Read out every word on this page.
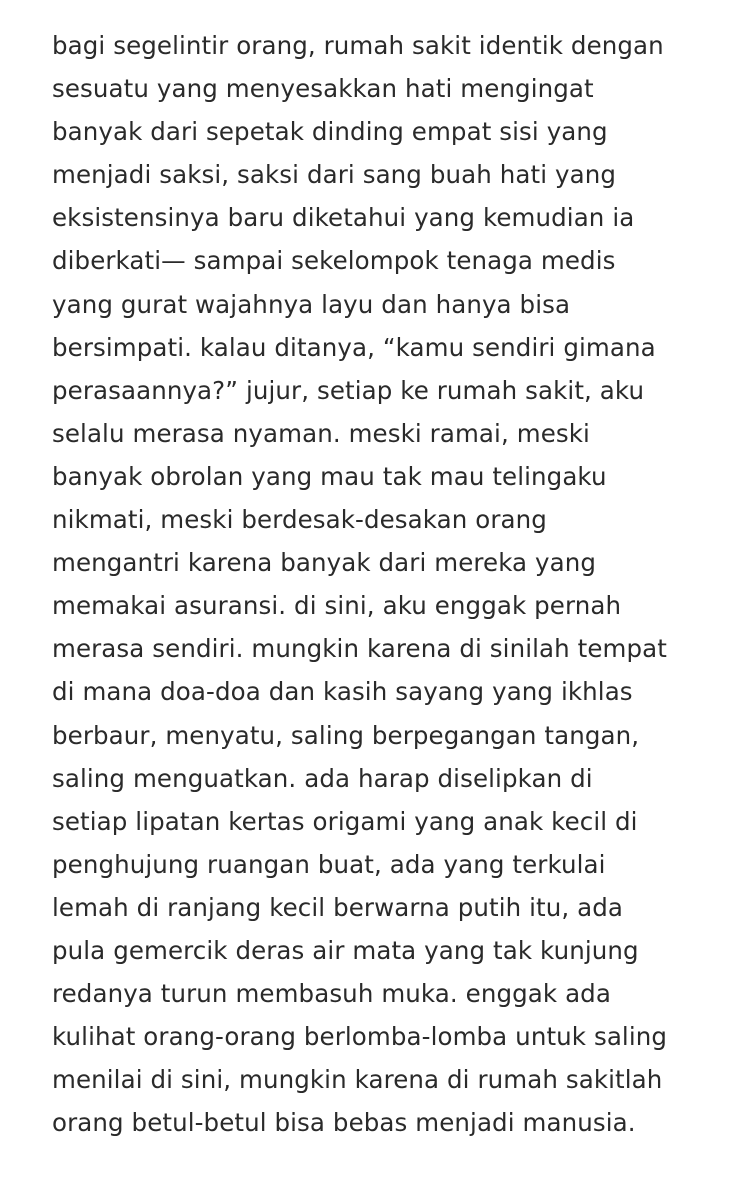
bagi segelintir orang, rumah sakit identik dengan
sesuatu yang menyesakkan hati mengingat
banyak dari sepetak dinding empat sisi yang
menjadi saksi, saksi dari sang buah hati yang
eksistensinya baru diketahui yang kemudian ia
diberkati— sampai sekelompok tenaga medis
yang gurat wajahnya layu dan hanya bisa
bersimpati. kalau ditanya, “kamu sendiri gimana
perasaannya?” jujur, setiap ke rumah sakit, aku
selalu merasa nyaman. meski ramai, meski
banyak obrolan yang mau tak mau telingaku
nikmati, meski berdesak-desakan orang
mengantri karena banyak dari mereka yang
memakai asuransi. di sini, aku enggak pernah
merasa sendiri. mungkin karena di sinilah tempat
di mana doa-doa dan kasih sayang yang ikhlas
berbaur, menyatu, saling berpegangan tangan,
saling menguatkan. ada harap diselipkan di
setiap lipatan kertas origami yang anak kecil di
penghujung ruangan buat, ada yang terkulai
lemah di ranjang kecil berwarna putih itu, ada
pula gemercik deras air mata yang tak kunjung
redanya turun membasuh muka. enggak ada
kulihat orang-orang berlomba-lomba untuk saling
menilai di sini, mungkin karena di rumah sakitlah
orang betul-betul bisa bebas menjadi manusia.
